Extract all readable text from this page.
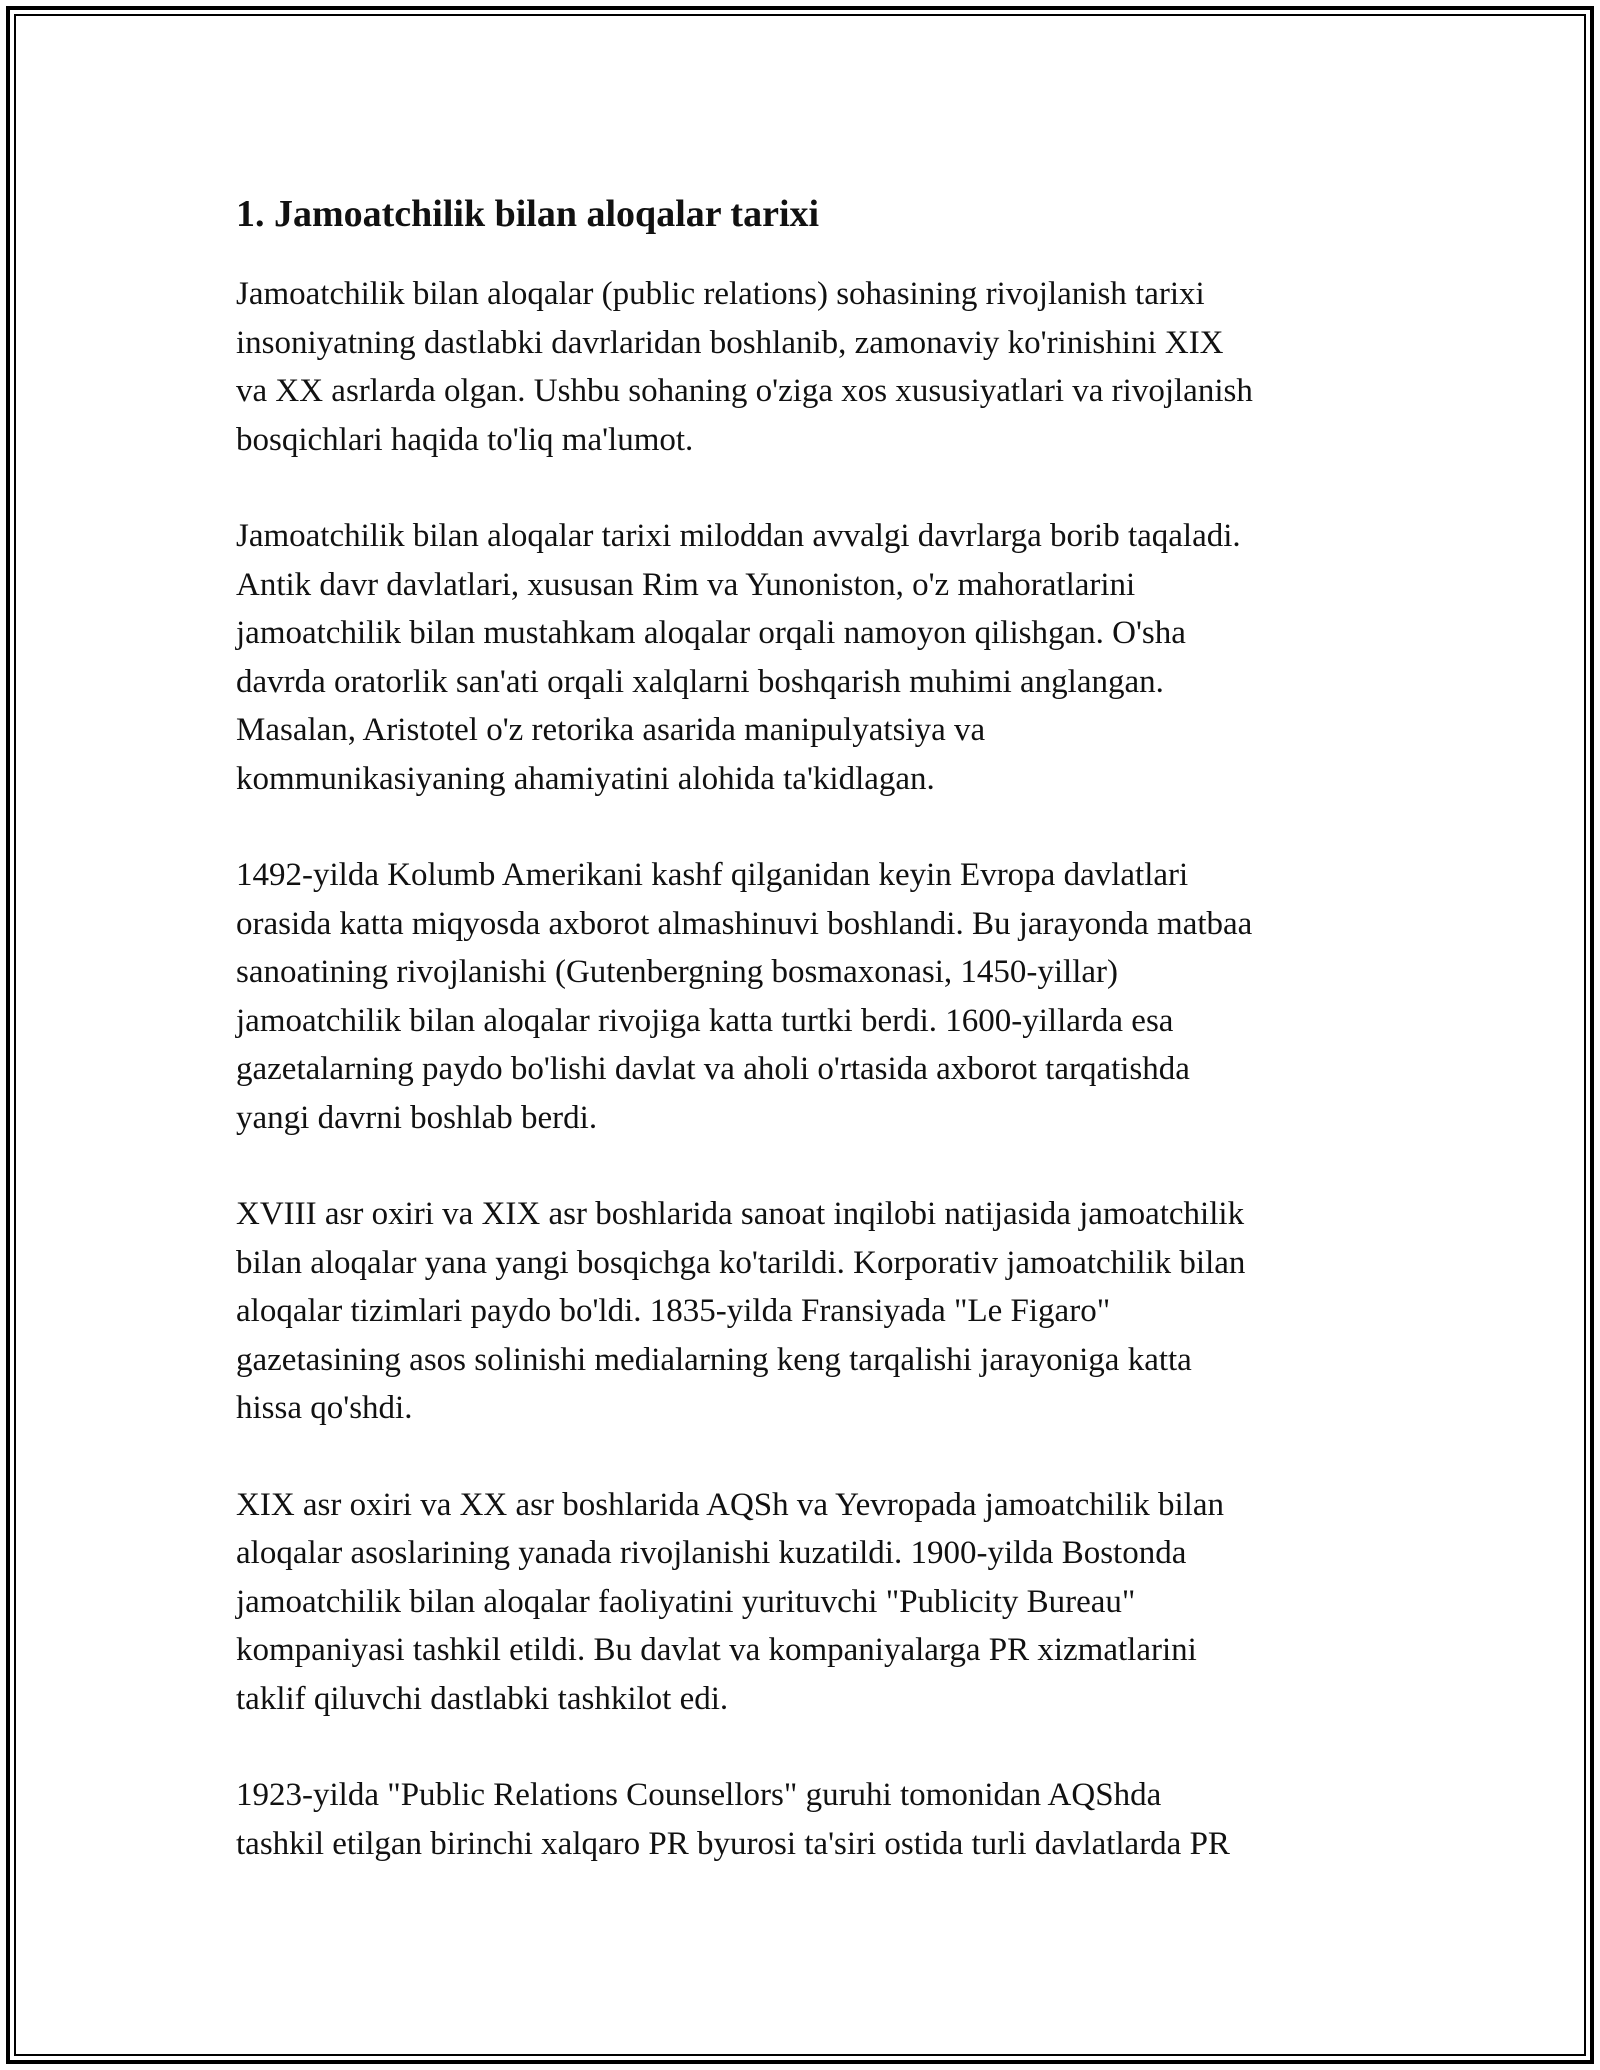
1. Jamoatchilik bilan aloqalar tarixi

Jamoatchilik bilan aloqalar (public relations) sohasining rivojlanish tarixi
insoniyatning dastlabki davrlaridan boshlanib, zamonaviy ko'rinishini XIX
va XX asrlarda olgan. Ushbu sohaning o'ziga xos xususiyatlari va rivojlanish
bosqichlari haqida to'liq ma'lumot.

Jamoatchilik bilan aloqalar tarixi miloddan avvalgi davrlarga borib taqaladi.
Antik davr davlatlari, xususan Rim va Yunoniston, o'z mahoratlarini
jamoatchilik bilan mustahkam aloqalar orqali namoyon qilishgan. O'sha
davrda oratorlik san'ati orqali xalqlarni boshqarish muhimi anglangan.
Masalan, Aristotel o'z retorika asarida manipulyatsiya va
kommunikasiyaning ahamiyatini alohida ta'kidlagan.

1492-yilda Kolumb Amerikani kashf qilganidan keyin Evropa davlatlari
orasida katta miqyosda axborot almashinuvi boshlandi. Bu jarayonda matbaa
sanoatining rivojlanishi (Gutenbergning bosmaxonasi, 1450-yillar)
jamoatchilik bilan aloqalar rivojiga katta turtki berdi. 1600-yillarda esa
gazetalarning paydo bo'lishi davlat va aholi o'rtasida axborot tarqatishda
yangi davrni boshlab berdi.

XVIII asr oxiri va XIX asr boshlarida sanoat inqilobi natijasida jamoatchilik
bilan aloqalar yana yangi bosqichga ko'tarildi. Korporativ jamoatchilik bilan
aloqalar tizimlari paydo bo'ldi. 1835-yilda Fransiyada "Le Figaro"
gazetasining asos solinishi medialarning keng tarqalishi jarayoniga katta
hissa qo'shdi.

XIX asr oxiri va XX asr boshlarida AQSh va Yevropada jamoatchilik bilan
aloqalar asoslarining yanada rivojlanishi kuzatildi. 1900-yilda Bostonda
jamoatchilik bilan aloqalar faoliyatini yurituvchi "Publicity Bureau"
kompaniyasi tashkil etildi. Bu davlat va kompaniyalarga PR xizmatlarini
taklif qiluvchi dastlabki tashkilot edi.

1923-yilda "Public Relations Counsellors" guruhi tomonidan AQShda
tashkil etilgan birinchi xalqaro PR byurosi ta'siri ostida turli davlatlarda PR
